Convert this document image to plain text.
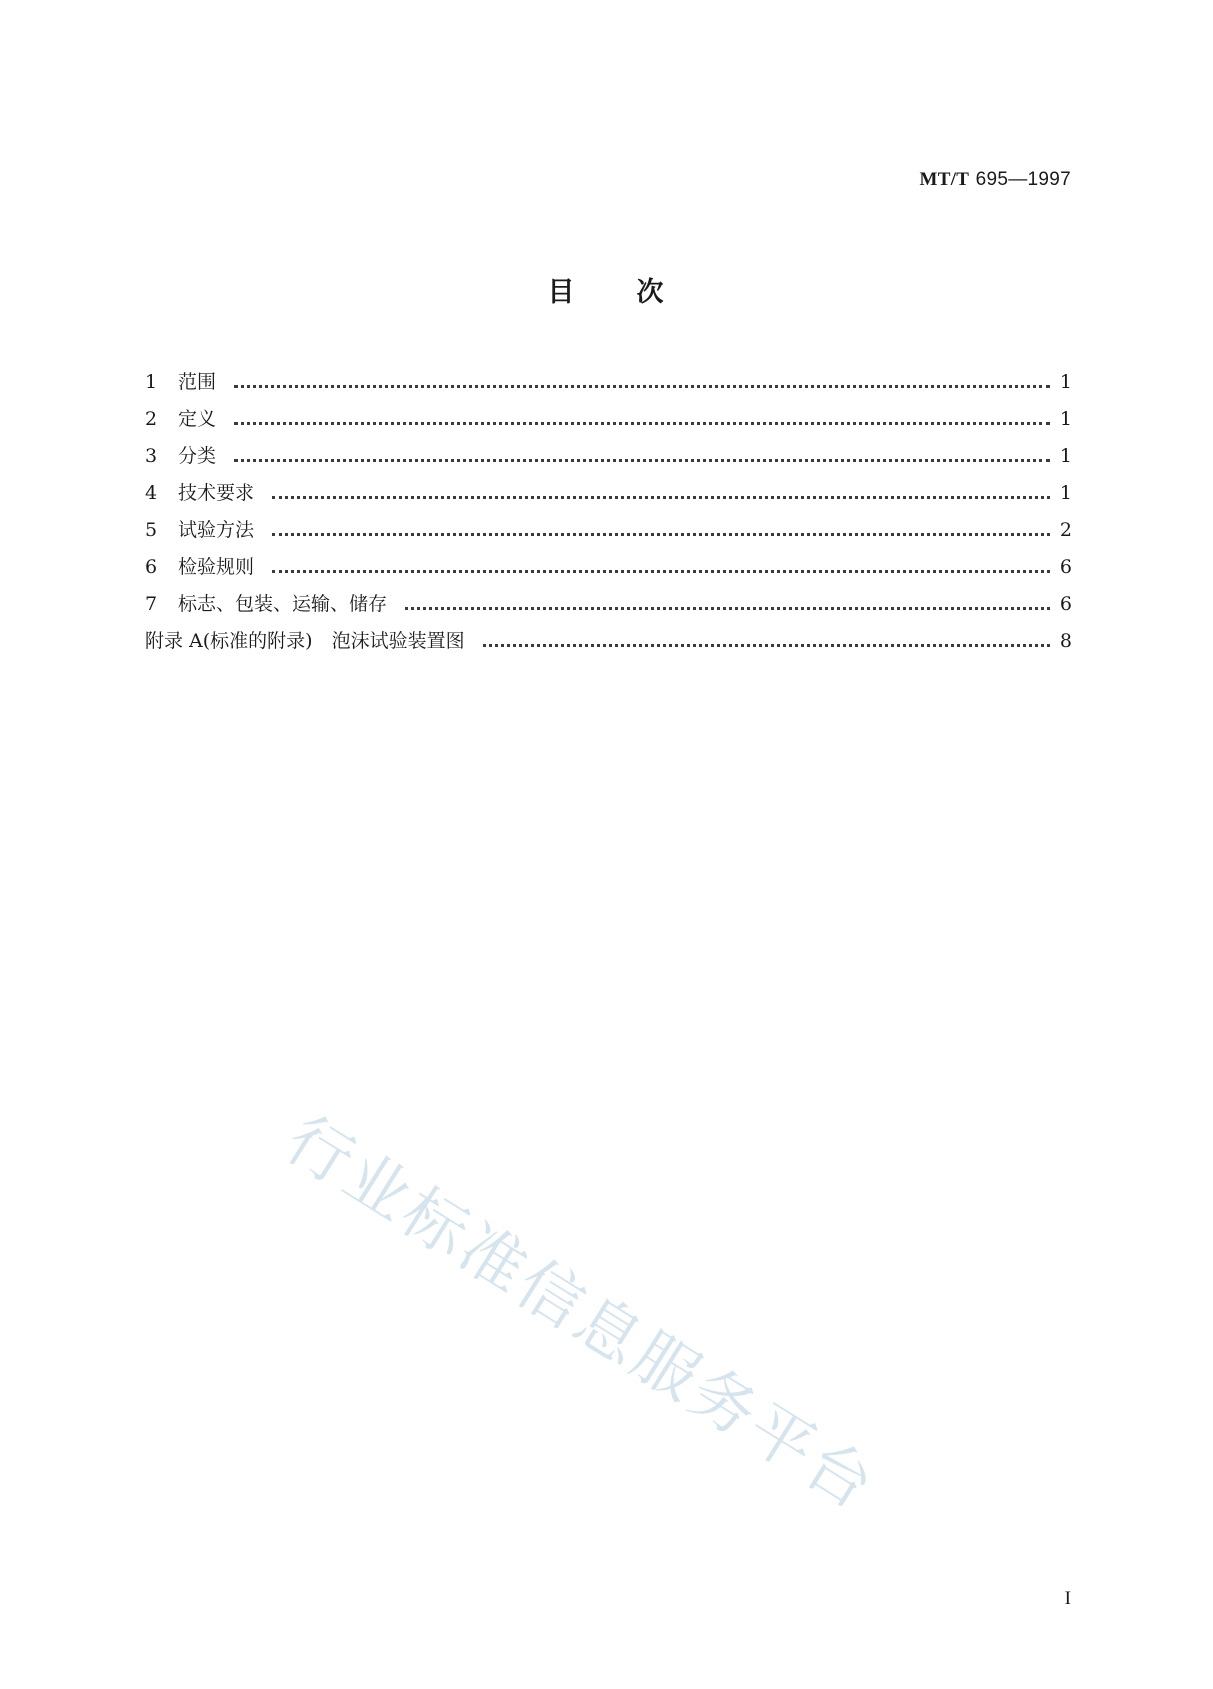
MT/T 695—1997
目 次
1	范围	1
2	定义	1
3	分类	1
4	技术要求	1
5	试验方法	2
6	检验规则	6
7	标志、包装、运输、储存	6
附录 A(标准的附录)　泡沫试验装置图	8
行业标准信息服务平台
I
